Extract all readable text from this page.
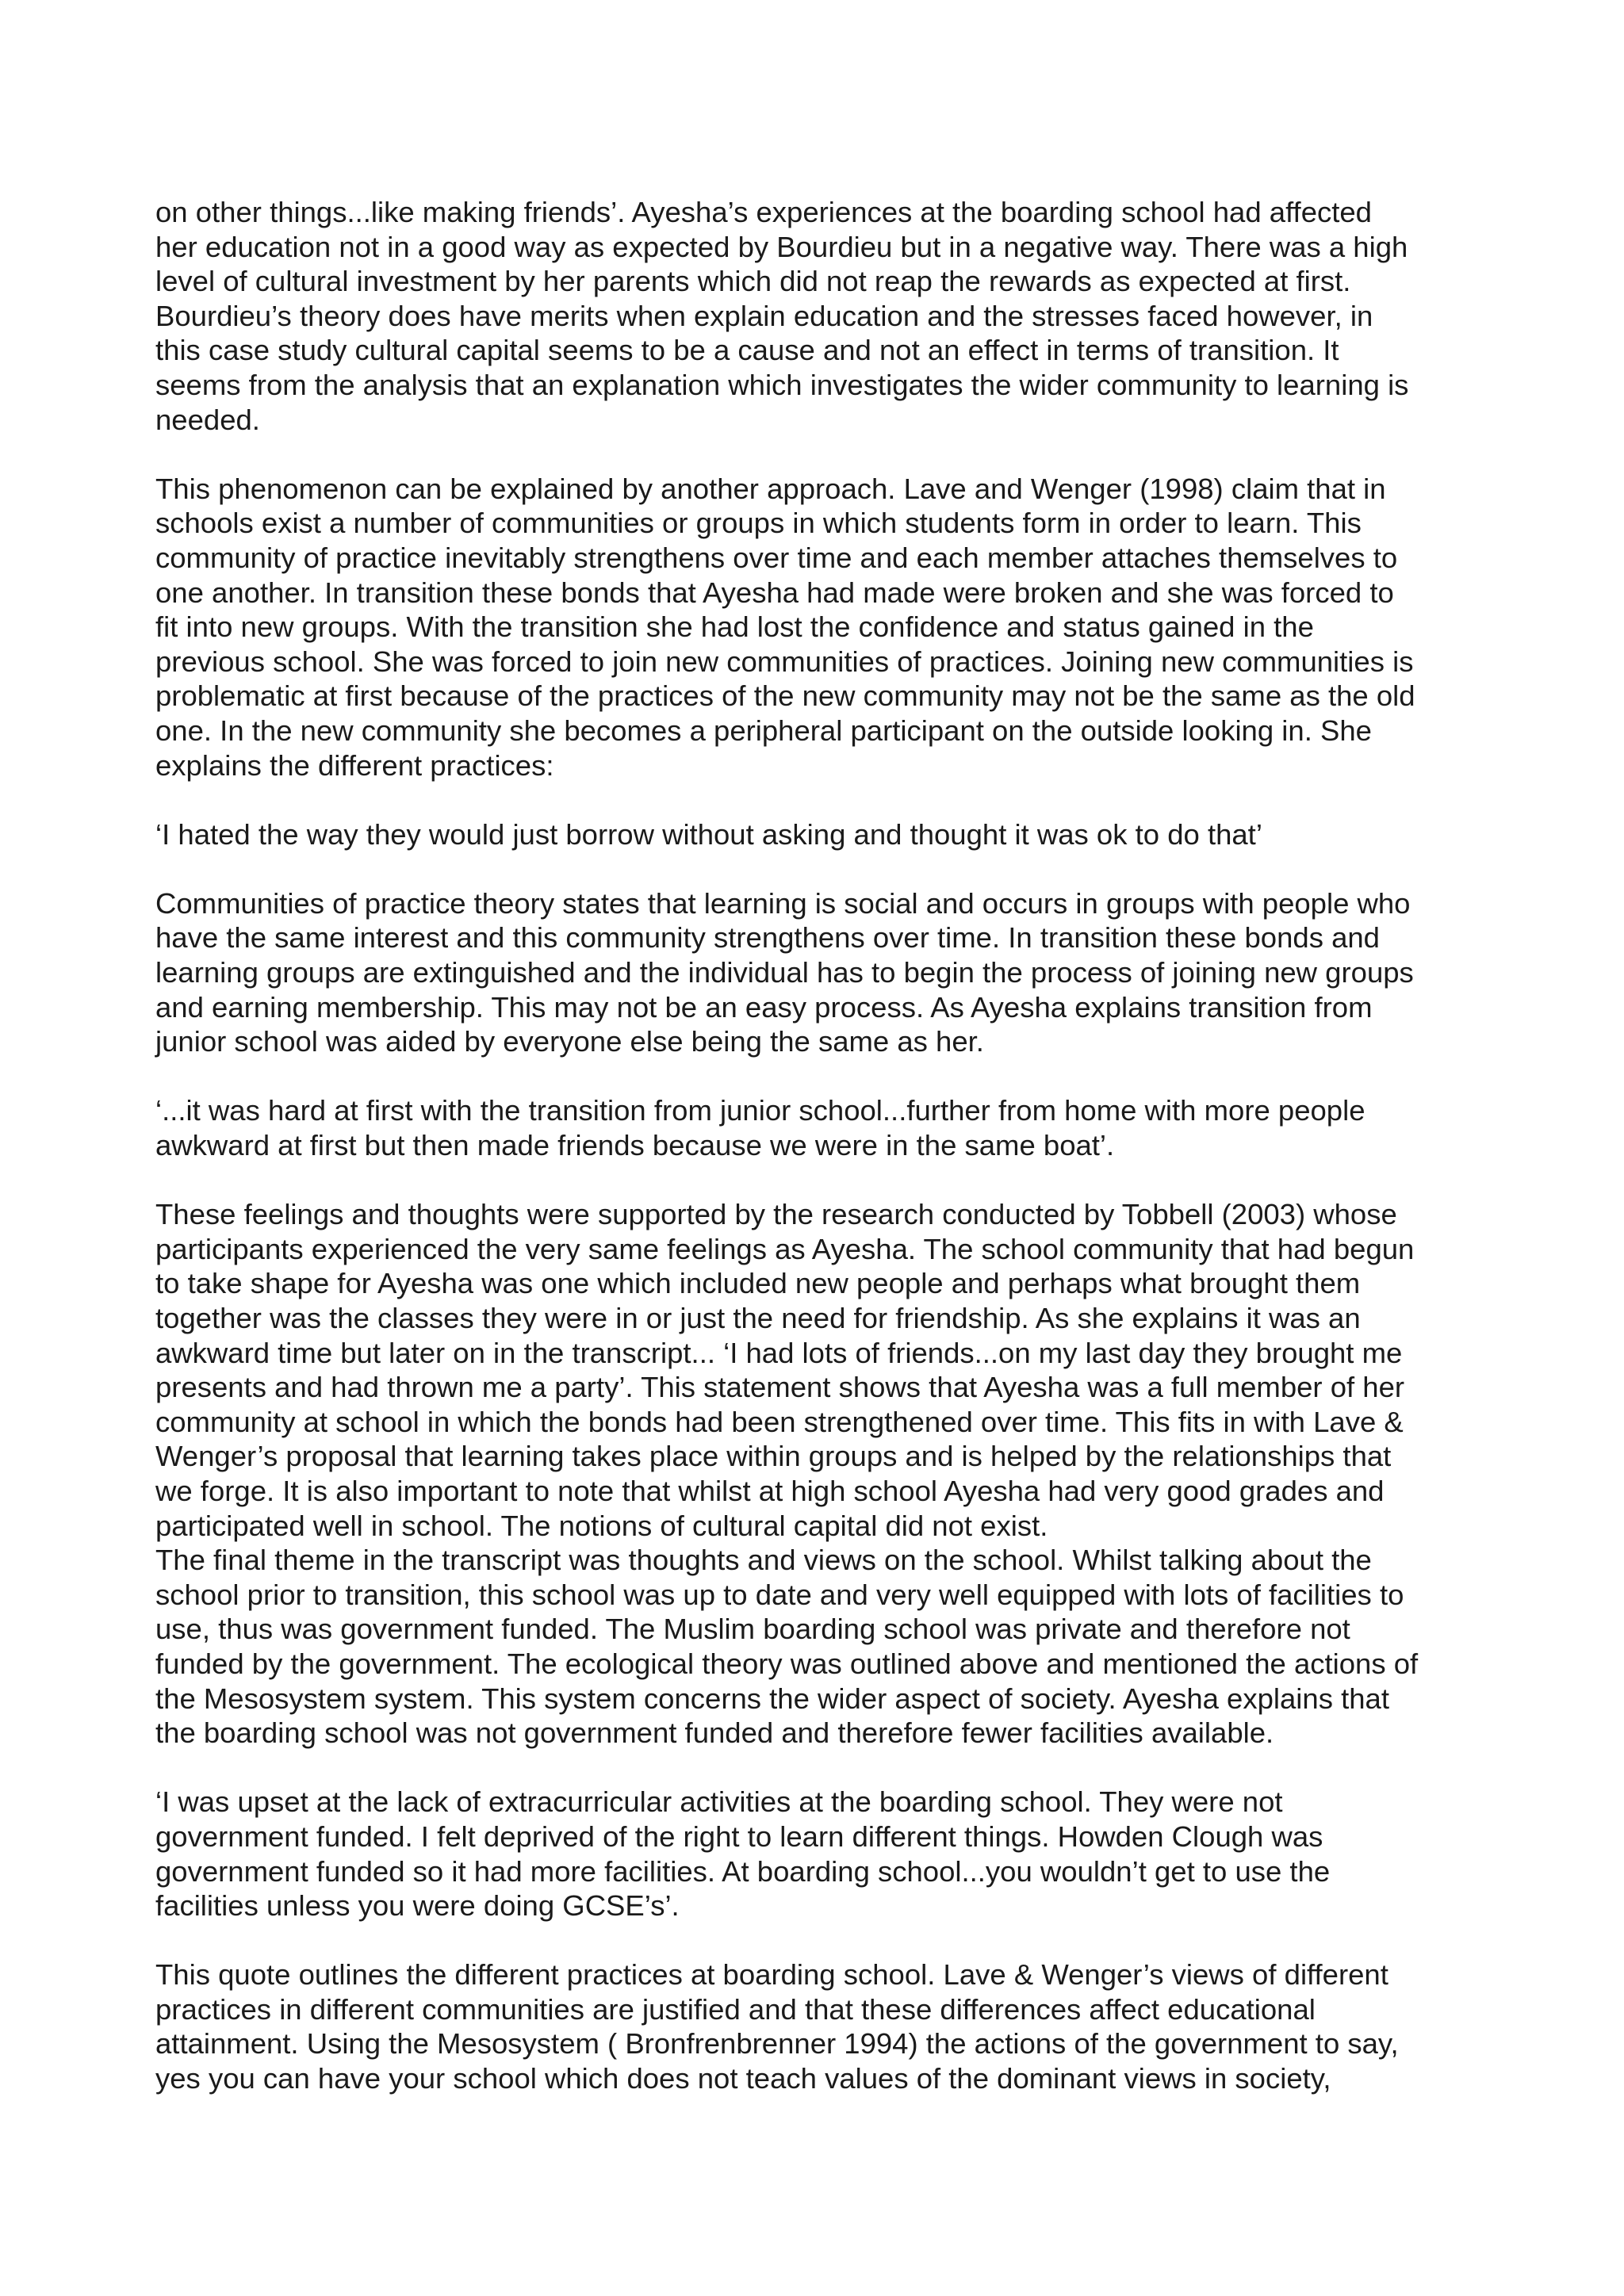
on other things...like making friends’. Ayesha’s experiences at the boarding school had affected
her education not in a good way as expected by Bourdieu but in a negative way. There was a high
level of cultural investment by her parents which did not reap the rewards as expected at first.
Bourdieu’s theory does have merits when explain education and the stresses faced however, in
this case study cultural capital seems to be a cause and not an effect in terms of transition. It
seems from the analysis that an explanation which investigates the wider community to learning is
needed.

This phenomenon can be explained by another approach. Lave and Wenger (1998) claim that in
schools exist a number of communities or groups in which students form in order to learn. This
community of practice inevitably strengthens over time and each member attaches themselves to
one another. In transition these bonds that Ayesha had made were broken and she was forced to
fit into new groups. With the transition she had lost the confidence and status gained in the
previous school. She was forced to join new communities of practices. Joining new communities is
problematic at first because of the practices of the new community may not be the same as the old
one. In the new community she becomes a peripheral participant on the outside looking in. She
explains the different practices:

‘I hated the way they would just borrow without asking and thought it was ok to do that’

Communities of practice theory states that learning is social and occurs in groups with people who
have the same interest and this community strengthens over time. In transition these bonds and
learning groups are extinguished and the individual has to begin the process of joining new groups
and earning membership. This may not be an easy process. As Ayesha explains transition from
junior school was aided by everyone else being the same as her.

‘...it was hard at first with the transition from junior school...further from home with more people
awkward at first but then made friends because we were in the same boat’.

These feelings and thoughts were supported by the research conducted by Tobbell (2003) whose
participants experienced the very same feelings as Ayesha. The school community that had begun
to take shape for Ayesha was one which included new people and perhaps what brought them
together was the classes they were in or just the need for friendship. As she explains it was an
awkward time but later on in the transcript... ‘I had lots of friends...on my last day they brought me
presents and had thrown me a party’. This statement shows that Ayesha was a full member of her
community at school in which the bonds had been strengthened over time. This fits in with Lave &
Wenger’s proposal that learning takes place within groups and is helped by the relationships that
we forge. It is also important to note that whilst at high school Ayesha had very good grades and
participated well in school. The notions of cultural capital did not exist.

The final theme in the transcript was thoughts and views on the school. Whilst talking about the
school prior to transition, this school was up to date and very well equipped with lots of facilities to
use, thus was government funded. The Muslim boarding school was private and therefore not
funded by the government. The ecological theory was outlined above and mentioned the actions of
the Mesosystem system. This system concerns the wider aspect of society. Ayesha explains that
the boarding school was not government funded and therefore fewer facilities available.

‘I was upset at the lack of extracurricular activities at the boarding school. They were not
government funded. I felt deprived of the right to learn different things. Howden Clough was
government funded so it had more facilities. At boarding school...you wouldn’t get to use the
facilities unless you were doing GCSE’s’.

This quote outlines the different practices at boarding school. Lave & Wenger’s views of different
practices in different communities are justified and that these differences affect educational
attainment. Using the Mesosystem ( Bronfrenbrenner 1994) the actions of the government to say,
yes you can have your school which does not teach values of the dominant views in society,
